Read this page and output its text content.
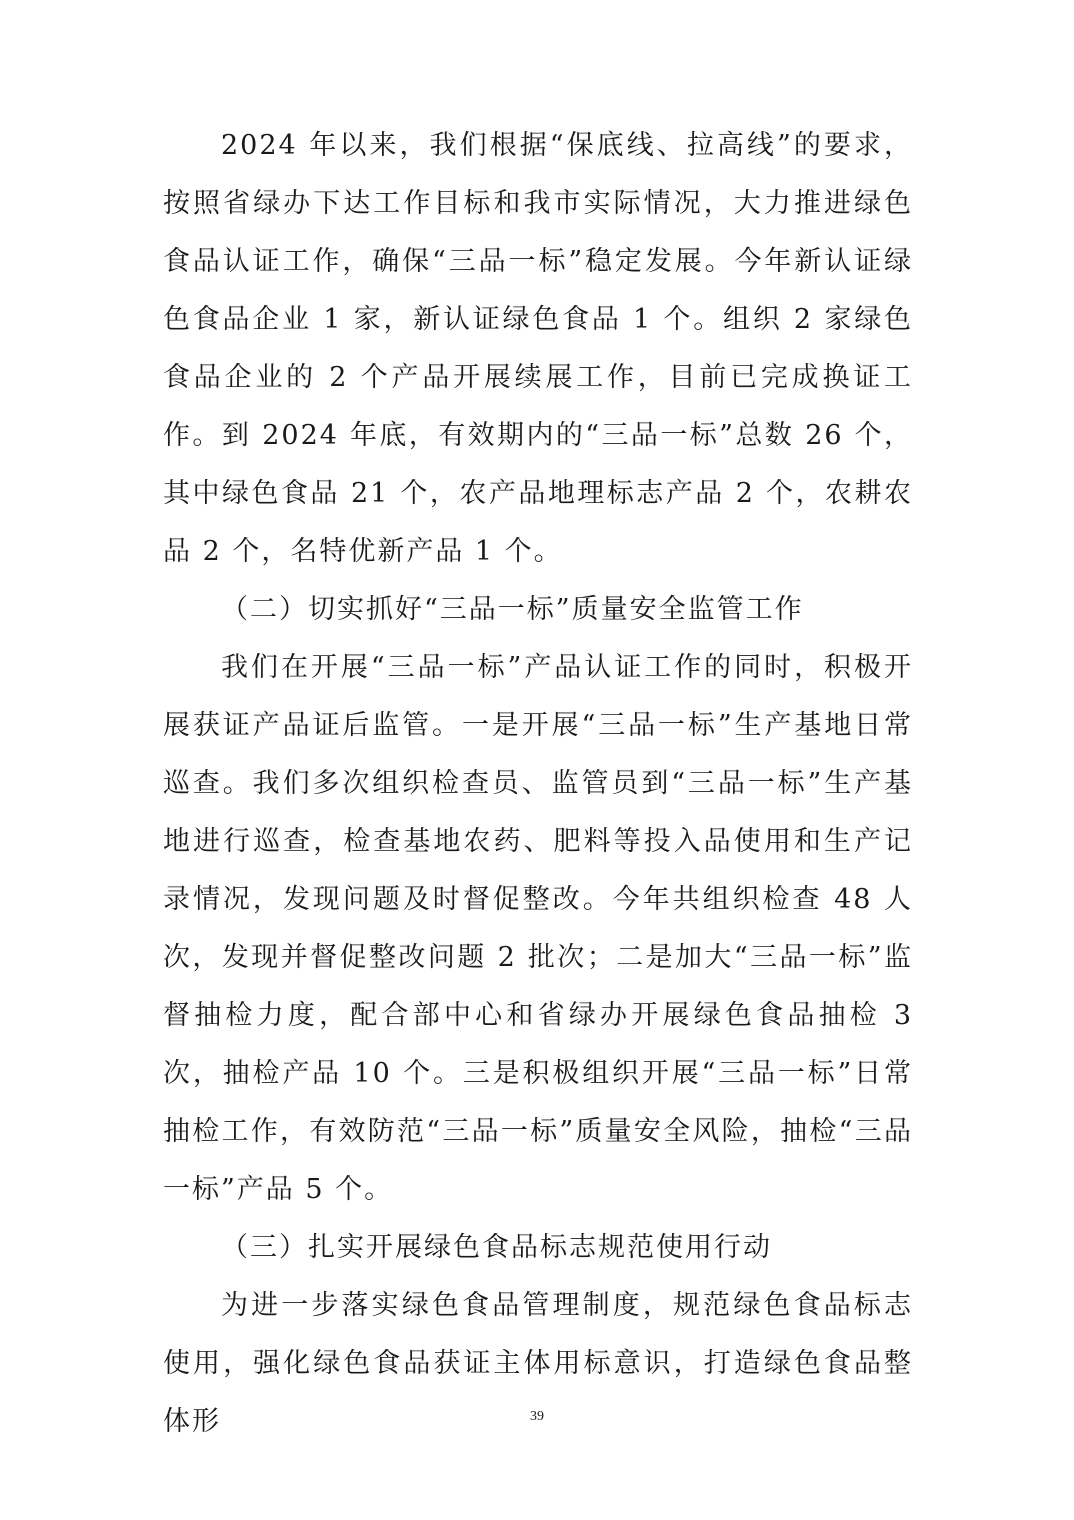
2024 年以来，我们根据“保底线、拉高线”的要求，按照省绿办下达工作目标和我市实际情况，大力推进绿色食品认证工作，确保“三品一标”稳定发展。今年新认证绿色食品企业 1 家，新认证绿色食品 1 个。组织 2 家绿色食品企业的 2 个产品开展续展工作，目前已完成换证工作。到 2024 年底，有效期内的“三品一标”总数 26 个，其中绿色食品 21 个，农产品地理标志产品 2 个，农耕农品 2 个，名特优新产品 1 个。

（二）切实抓好“三品一标”质量安全监管工作

我们在开展“三品一标”产品认证工作的同时，积极开展获证产品证后监管。一是开展“三品一标”生产基地日常巡查。我们多次组织检查员、监管员到“三品一标”生产基地进行巡查，检查基地农药、肥料等投入品使用和生产记录情况，发现问题及时督促整改。今年共组织检查 48 人次，发现并督促整改问题 2 批次；二是加大“三品一标”监督抽检力度，配合部中心和省绿办开展绿色食品抽检 3 次，抽检产品 10 个。三是积极组织开展“三品一标”日常抽检工作，有效防范“三品一标”质量安全风险，抽检“三品一标”产品 5 个。

（三）扎实开展绿色食品标志规范使用行动

为进一步落实绿色食品管理制度，规范绿色食品标志使用，强化绿色食品获证主体用标意识，打造绿色食品整体形	39
